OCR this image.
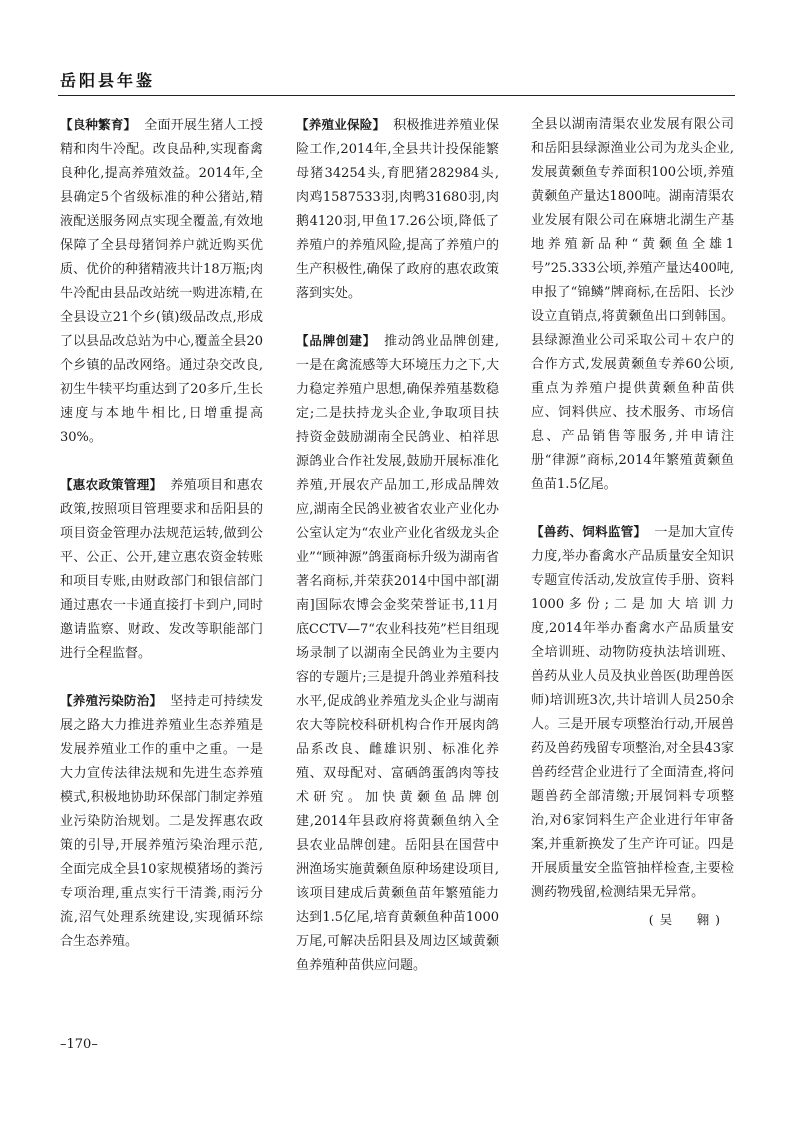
岳阳县年鉴

【良种繁育】 全面开展生猪人工授精和肉牛冷配。改良品种,实现畜禽良种化,提高养殖效益。2014年,全县确定5个省级标准的种公猪站,精液配送服务网点实现全覆盖,有效地保障了全县母猪饲养户就近购买优质、优价的种猪精液共计18万瓶;肉牛冷配由县品改站统一购进冻精,在全县设立21个乡(镇)级品改点,形成了以县品改总站为中心,覆盖全县20个乡镇的品改网络。通过杂交改良,初生牛犊平均重达到了20多斤,生长速度与本地牛相比,日增重提高30%。

【惠农政策管理】 养殖项目和惠农政策,按照项目管理要求和岳阳县的项目资金管理办法规范运转,做到公平、公正、公开,建立惠农资金转账和项目专账,由财政部门和银信部门通过惠农一卡通直接打卡到户,同时邀请监察、财政、发改等职能部门进行全程监督。

【养殖污染防治】 坚持走可持续发展之路大力推进养殖业生态养殖是发展养殖业工作的重中之重。一是大力宣传法律法规和先进生态养殖模式,积极地协助环保部门制定养殖业污染防治规划。二是发挥惠农政策的引导,开展养殖污染治理示范,全面完成全县10家规模猪场的粪污专项治理,重点实行干清粪,雨污分流,沼气处理系统建设,实现循环综合生态养殖。

【养殖业保险】 积极推进养殖业保险工作,2014年,全县共计投保能繁母猪34254头,育肥猪282984头,肉鸡1587533羽,肉鸭31680羽,肉鹅4120羽,甲鱼17.26公顷,降低了养殖户的养殖风险,提高了养殖户的生产积极性,确保了政府的惠农政策落到实处。

【品牌创建】 推动鸽业品牌创建,一是在禽流感等大环境压力之下,大力稳定养殖户思想,确保养殖基数稳定;二是扶持龙头企业,争取项目扶持资金鼓励湖南全民鸽业、柏祥思源鸽业合作社发展,鼓励开展标准化养殖,开展农产品加工,形成品牌效应,湖南全民鸽业被省农业产业化办公室认定为“农业产业化省级龙头企业”“顾神源”鸽蛋商标升级为湖南省著名商标,并荣获2014中国中部[湖南]国际农博会金奖荣誉证书,11月底CCTV—7“农业科技苑”栏目组现场录制了以湖南全民鸽业为主要内容的专题片;三是提升鸽业养殖科技水平,促成鸽业养殖龙头企业与湖南农大等院校科研机构合作开展肉鸽品系改良、雌雄识别、标准化养殖、双母配对、富硒鸽蛋鸽肉等技术研究。加快黄颡鱼品牌创建,2014年县政府将黄颡鱼纳入全县农业品牌创建。岳阳县在国营中洲渔场实施黄颡鱼原种场建设项目,该项目建成后黄颡鱼苗年繁殖能力达到1.5亿尾,培育黄颡鱼种苗1000万尾,可解决岳阳县及周边区域黄颡鱼养殖种苗供应问题。

全县以湖南清渠农业发展有限公司和岳阳县绿源渔业公司为龙头企业,发展黄颡鱼专养面积100公顷,养殖黄颡鱼产量达1800吨。湖南清渠农业发展有限公司在麻塘北湖生产基地养殖新品种“黄颡鱼全雄1号”25.333公顷,养殖产量达400吨,申报了“锦鳞”牌商标,在岳阳、长沙设立直销点,将黄颡鱼出口到韩国。县绿源渔业公司采取公司＋农户的合作方式,发展黄颡鱼专养60公顷,重点为养殖户提供黄颡鱼种苗供应、饲料供应、技术服务、市场信息、产品销售等服务,并申请注册“律源”商标,2014年繁殖黄颡鱼鱼苗1.5亿尾。

【兽药、饲料监管】 一是加大宣传力度,举办畜禽水产品质量安全知识专题宣传活动,发放宣传手册、资料1000多份;二是加大培训力度,2014年举办畜禽水产品质量安全培训班、动物防疫执法培训班、兽药从业人员及执业兽医(助理兽医师)培训班3次,共计培训人员250余人。三是开展专项整治行动,开展兽药及兽药残留专项整治,对全县43家兽药经营企业进行了全面清查,将问题兽药全部清缴;开展饲料专项整治,对6家饲料生产企业进行年审备案,并重新换发了生产许可证。四是开展质量安全监管抽样检查,主要检测药物残留,检测结果无异常。

(吴　翱)
–170–
